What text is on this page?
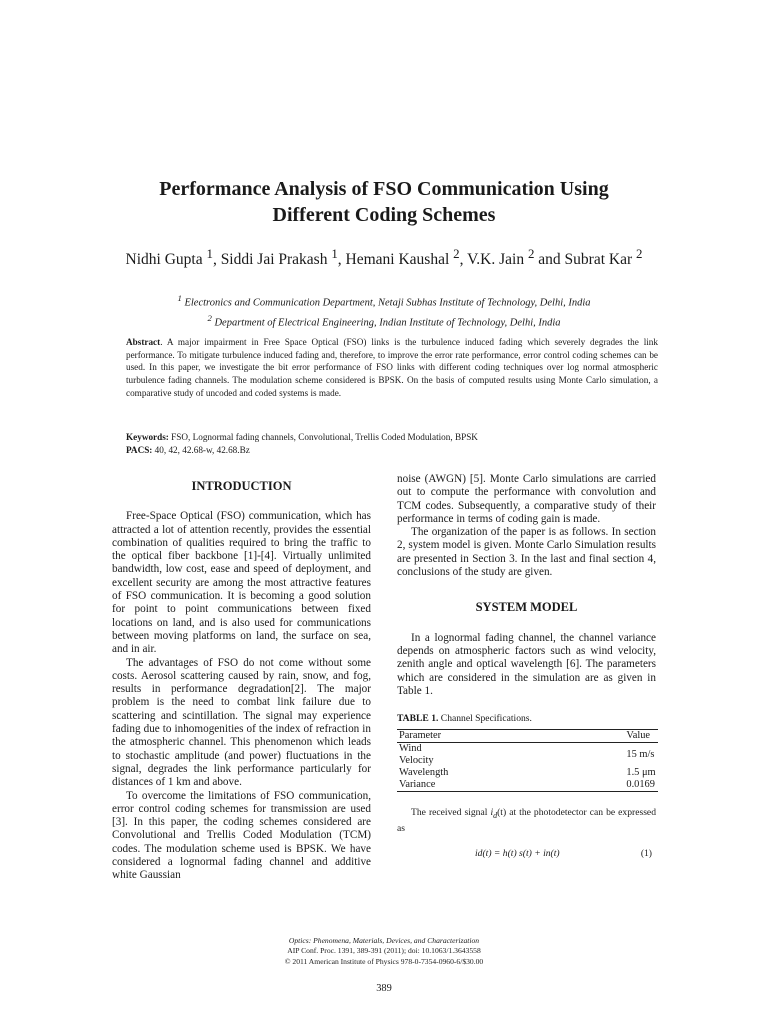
Performance Analysis of FSO Communication Using
Different Coding Schemes
Nidhi Gupta $^1$, Siddi Jai Prakash $^1$, Hemani Kaushal $^2$, V.K. Jain $^2$ and Subrat Kar $^2$
$^1$ Electronics and Communication Department, Netaji Subhas Institute of Technology, Delhi, India
$^2$ Department of Electrical Engineering, Indian Institute of Technology, Delhi, India
Abstract. A major impairment in Free Space Optical (FSO) links is the turbulence induced fading which severely degrades the link performance. To mitigate turbulence induced fading and, therefore, to improve the error rate performance, error control coding schemes can be used. In this paper, we investigate the bit error performance of FSO links with different coding techniques over log normal atmospheric turbulence fading channels. The modulation scheme considered is BPSK. On the basis of computed results using Monte Carlo simulation, a comparative study of uncoded and coded systems is made.
Keywords: FSO, Lognormal fading channels, Convolutional, Trellis Coded Modulation, BPSK
PACS: 40, 42, 42.68-w, 42.68.Bz
INTRODUCTION

Free-Space Optical (FSO) communication, which has attracted a lot of attention recently, provides the essential combination of qualities required to bring the traffic to the optical fiber backbone [1]-[4]. Virtually unlimited bandwidth, low cost, ease and speed of deployment, and excellent security are among the most attractive features of FSO communication. It is becoming a good solution for point to point communications between fixed locations on land, and is also used for communications between moving platforms on land, the surface on sea, and in air.

The advantages of FSO do not come without some costs. Aerosol scattering caused by rain, snow, and fog, results in performance degradation[2]. The major problem is the need to combat link failure due to scattering and scintillation. The signal may experience fading due to inhomogenities of the index of refraction in the atmospheric channel. This phenomenon which leads to stochastic amplitude (and power) fluctuations in the signal, degrades the link performance particularly for distances of 1 km and above.

To overcome the limitations of FSO communication, error control coding schemes for transmission are used [3]. In this paper, the coding schemes considered are Convolutional and Trellis Coded Modulation (TCM) codes. The modulation scheme used is BPSK. We have considered a lognormal fading channel and additive white Gaussian

noise (AWGN) [5]. Monte Carlo simulations are carried out to compute the performance with convolution and TCM codes. Subsequently, a comparative study of their performance in terms of coding gain is made.

The organization of the paper is as follows. In section 2, system model is given. Monte Carlo Simulation results are presented in Section 3. In the last and final section 4, conclusions of the study are given.

SYSTEM MODEL

In a lognormal fading channel, the channel variance depends on atmospheric factors such as wind velocity, zenith angle and optical wavelength [6]. The parameters which are considered in the simulation are as given in Table 1.

TABLE 1. Channel Specifications.
Parameter	Value
Wind Velocity	15 m/s
Wavelength	1.5 μm
Variance	0.0169
The received signal $i_d(t)$ at the photodetector can be expressed as
id(t) = h(t) s(t) + in(t)	(1)
Optics: Phenomena, Materials, Devices, and Characterization
AIP Conf. Proc. 1391, 389-391 (2011); doi: 10.1063/1.3643558
© 2011 American Institute of Physics 978-0-7354-0960-6/$30.00
389
